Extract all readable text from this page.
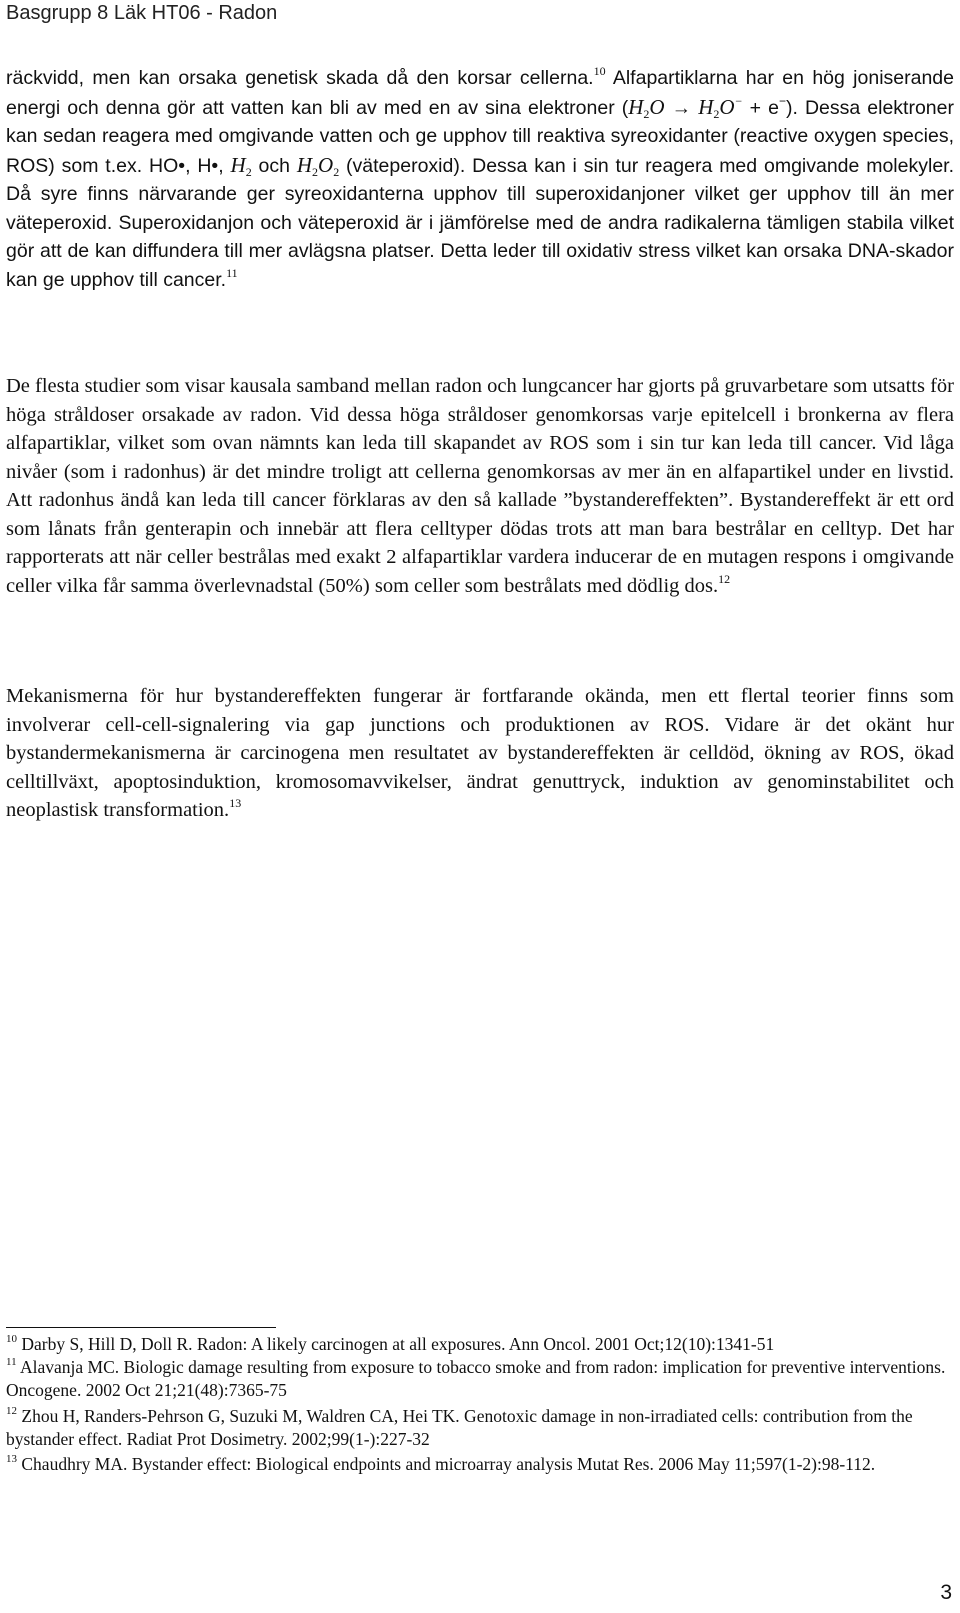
Basgrupp 8 Läk HT06 - Radon

räckvidd, men kan orsaka genetisk skada då den korsar cellerna.$^{10}$ Alfapartiklarna har en hög joniserande energi och denna gör att vatten kan bli av med en av sina elektroner $(H_2O \to H_2O^- + e^-)$. Dessa elektroner kan sedan reagera med omgivande vatten och ge upphov till reaktiva syreoxidanter (reactive oxygen species, ROS) som t.ex. HO•, H•, $H_2$ och $H_2O_2$ (väteperoxid). Dessa kan i sin tur reagera med omgivande molekyler. Då syre finns närvarande ger syreoxidanterna upphov till superoxidanjoner vilket ger upphov till än mer väteperoxid. Superoxidanjon och väteperoxid är i jämförelse med de andra radikalerna tämligen stabila vilket gör att de kan diffundera till mer avlägsna platser. Detta leder till oxidativ stress vilket kan orsaka DNA-skador kan ge upphov till cancer.$^{11}$

De flesta studier som visar kausala samband mellan radon och lungcancer har gjorts på gruvarbetare som utsatts för höga stråldoser orsakade av radon. Vid dessa höga stråldoser genomkorsas varje epitelcell i bronkerna av flera alfapartiklar, vilket som ovan nämnts kan leda till skapandet av ROS som i sin tur kan leda till cancer. Vid låga nivåer (som i radonhus) är det mindre troligt att cellerna genomkorsas av mer än en alfapartikel under en livstid. Att radonhus ändå kan leda till cancer förklaras av den så kallade ”bystandereffekten”. Bystandereffekt är ett ord som lånats från genterapin och innebär att flera celltyper dödas trots att man bara bestrålar en celltyp. Det har rapporterats att när celler bestrålas med exakt 2 alfapartiklar vardera inducerar de en mutagen respons i omgivande celler vilka får samma överlevnadstal (50%) som celler som bestrålats med dödlig dos.$^{12}$

Mekanismerna för hur bystandereffekten fungerar är fortfarande okända, men ett flertal teorier finns som involverar cell-cell-signalering via gap junctions och produktionen av ROS. Vidare är det okänt hur bystandermekanismerna är carcinogena men resultatet av bystandereffekten är celldöd, ökning av ROS, ökad celltillväxt, apoptosinduktion, kromosomavvikelser, ändrat genuttryck, induktion av genominstabilitet och neoplastisk transformation.$^{13}$

$^{10}$ Darby S, Hill D, Doll R. Radon: A likely carcinogen at all exposures. Ann Oncol. 2001 Oct;12(10):1341-51

$^{11}$ Alavanja MC. Biologic damage resulting from exposure to tobacco smoke and from radon: implication for preventive interventions. Oncogene. 2002 Oct 21;21(48):7365-75

$^{12}$ Zhou H, Randers-Pehrson G, Suzuki M, Waldren CA, Hei TK. Genotoxic damage in non-irradiated cells: contribution from the bystander effect. Radiat Prot Dosimetry. 2002;99(1-):227-32

$^{13}$ Chaudhry MA. Bystander effect: Biological endpoints and microarray analysis Mutat Res. 2006 May 11;597(1-2):98-112.

3
